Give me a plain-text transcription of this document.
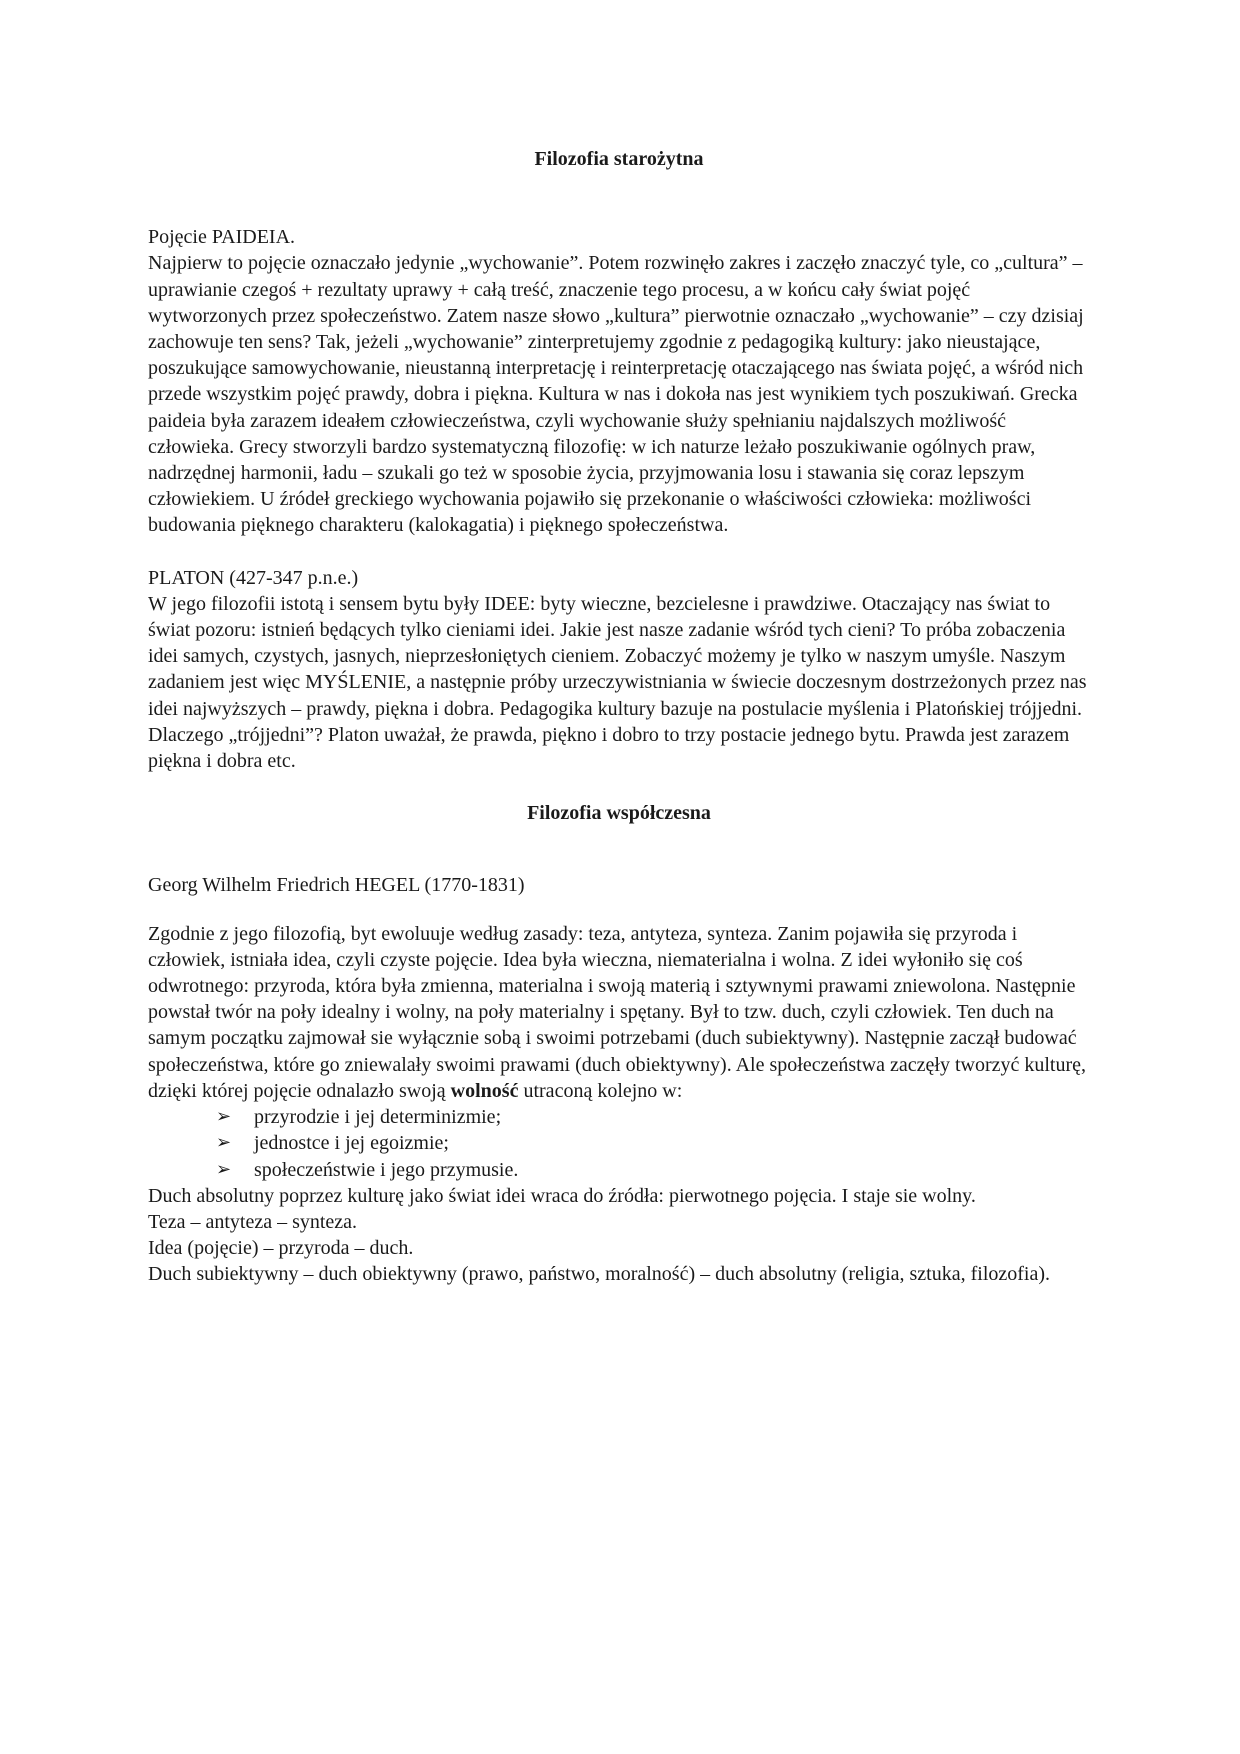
Filozofia starożytna

Pojęcie PAIDEIA.

Najpierw to pojęcie oznaczało jedynie „wychowanie”. Potem rozwinęło zakres i zaczęło znaczyć tyle, co „cultura” – uprawianie czegoś + rezultaty uprawy + całą treść, znaczenie tego procesu, a w końcu cały świat pojęć wytworzonych przez społeczeństwo. Zatem nasze słowo „kultura” pierwotnie oznaczało „wychowanie” – czy dzisiaj zachowuje ten sens? Tak, jeżeli „wychowanie” zinterpretujemy zgodnie z pedagogiką kultury: jako nieustające, poszukujące samowychowanie, nieustanną interpretację i reinterpretację otaczającego nas świata pojęć, a wśród nich przede wszystkim pojęć prawdy, dobra i piękna. Kultura w nas i dokoła nas jest wynikiem tych poszukiwań. Grecka paideia była zarazem ideałem człowieczeństwa, czyli wychowanie służy spełnianiu najdalszych możliwość człowieka. Grecy stworzyli bardzo systematyczną filozofię: w ich naturze leżało poszukiwanie ogólnych praw, nadrzędnej harmonii, ładu – szukali go też w sposobie życia, przyjmowania losu i stawania się coraz lepszym człowiekiem. U źródeł greckiego wychowania pojawiło się przekonanie o właściwości człowieka: możliwości budowania pięknego charakteru (kalokagatia) i pięknego społeczeństwa.

PLATON (427-347 p.n.e.)

W jego filozofii istotą i sensem bytu były IDEE: byty wieczne, bezcielesne i prawdziwe. Otaczający nas świat to świat pozoru: istnień będących tylko cieniami idei. Jakie jest nasze zadanie wśród tych cieni? To próba zobaczenia idei samych, czystych, jasnych, nieprzesłoniętych cieniem. Zobaczyć możemy je tylko w naszym umyśle. Naszym zadaniem jest więc MYŚLENIE, a następnie próby urzeczywistniania w świecie doczesnym dostrzeżonych przez nas idei najwyższych – prawdy, piękna i dobra. Pedagogika kultury bazuje na postulacie myślenia i Platońskiej trójjedni. Dlaczego „trójjedni”? Platon uważał, że prawda, piękno i dobro to trzy postacie jednego bytu. Prawda jest zarazem piękna i dobra etc.

Filozofia współczesna

Georg Wilhelm Friedrich HEGEL (1770-1831)

Zgodnie z jego filozofią, byt ewoluuje według zasady: teza, antyteza, synteza. Zanim pojawiła się przyroda i człowiek, istniała idea, czyli czyste pojęcie. Idea była wieczna, niematerialna i wolna. Z idei wyłoniło się coś odwrotnego: przyroda, która była zmienna, materialna i swoją materią i sztywnymi prawami zniewolona. Następnie powstał twór na poły idealny i wolny, na poły materialny i spętany. Był to tzw. duch, czyli człowiek. Ten duch na samym początku zajmował sie wyłącznie sobą i swoimi potrzebami (duch subiektywny). Następnie zaczął budować społeczeństwa, które go zniewalały swoimi prawami (duch obiektywny). Ale społeczeństwa zaczęły tworzyć kulturę, dzięki której pojęcie odnalazło swoją wolność utraconą kolejno w:

➢ przyrodzie i jej determinizmie;
➢ jednostce i jej egoizmie;
➢ społeczeństwie i jego przymusie.

Duch absolutny poprzez kulturę jako świat idei wraca do źródła: pierwotnego pojęcia. I staje sie wolny.

Teza – antyteza – synteza.

Idea (pojęcie) – przyroda – duch.

Duch subiektywny – duch obiektywny (prawo, państwo, moralność) – duch absolutny (religia, sztuka, filozofia).
